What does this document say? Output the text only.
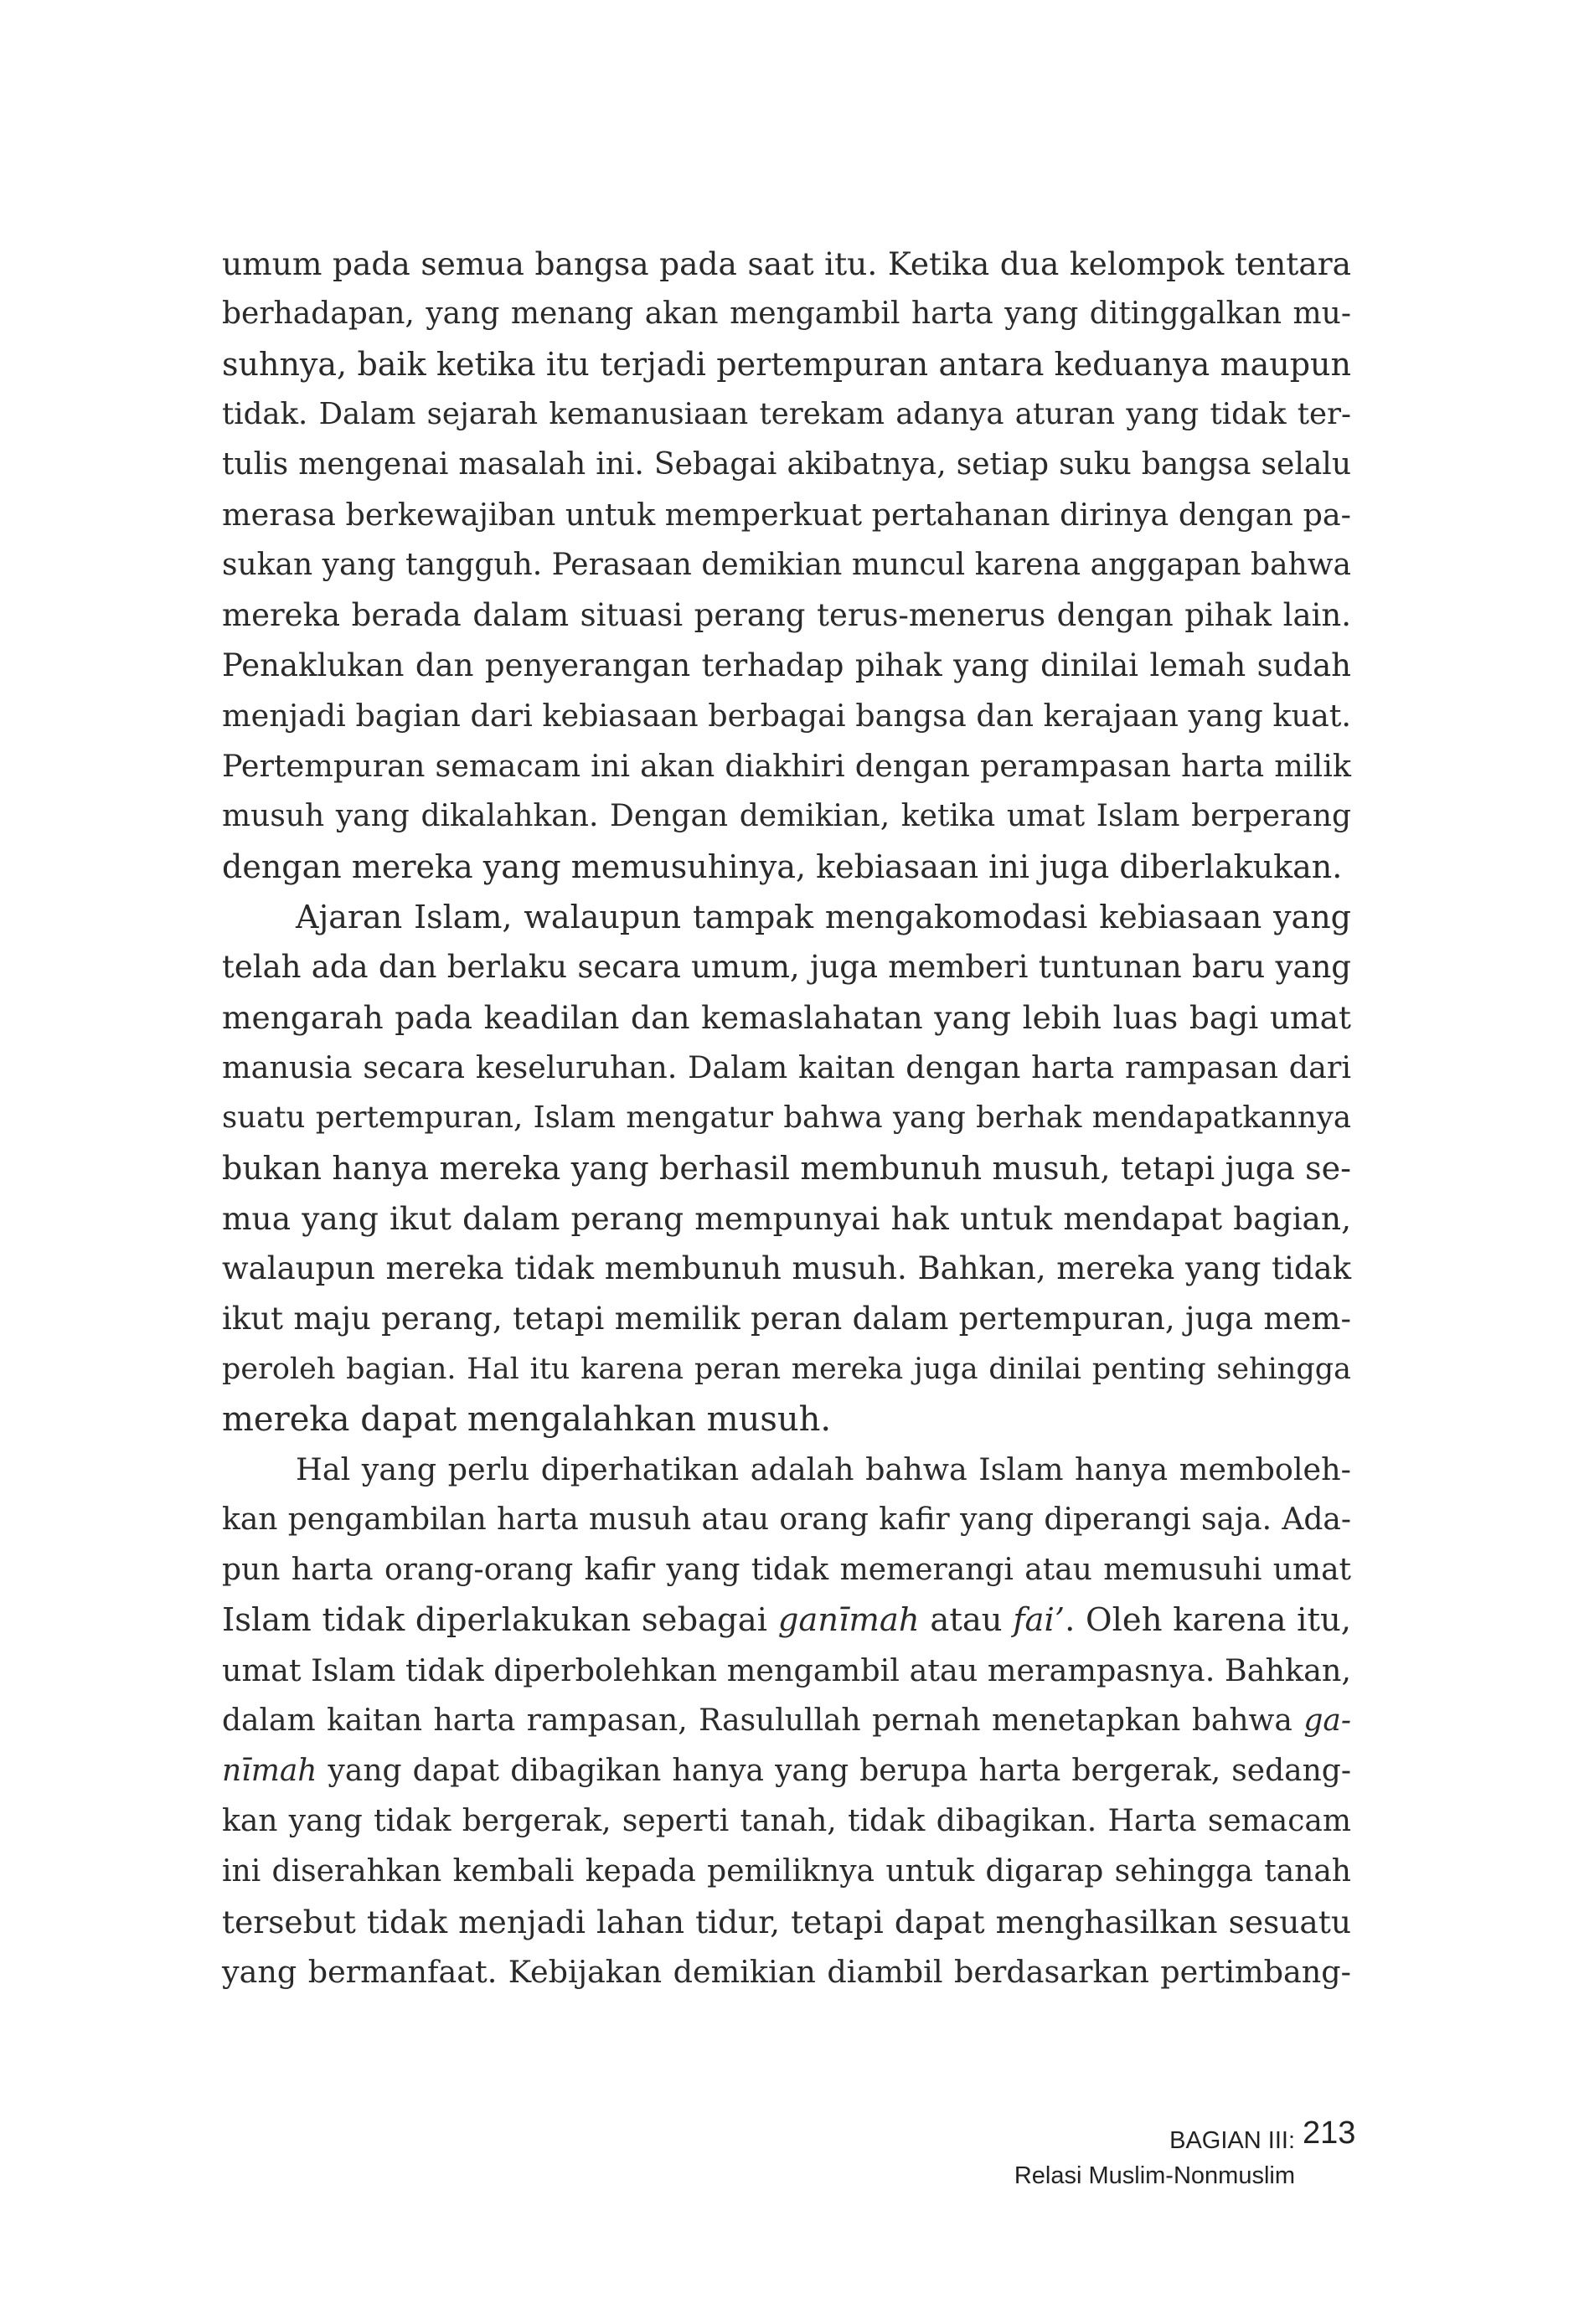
umum pada semua bangsa pada saat itu. Ketika dua kelompok tentara
berhadapan, yang menang akan mengambil harta yang ditinggalkan mu-
suhnya, baik ketika itu terjadi pertempuran antara keduanya maupun
tidak. Dalam sejarah kemanusiaan terekam adanya aturan yang tidak ter-
tulis mengenai masalah ini. Sebagai akibatnya, setiap suku bangsa selalu
merasa berkewajiban untuk memperkuat pertahanan dirinya dengan pa-
sukan yang tangguh. Perasaan demikian muncul karena anggapan bahwa
mereka berada dalam situasi perang terus-menerus dengan pihak lain.
Penaklukan dan penyerangan terhadap pihak yang dinilai lemah sudah
menjadi bagian dari kebiasaan berbagai bangsa dan kerajaan yang kuat.
Pertempuran semacam ini akan diakhiri dengan perampasan harta milik
musuh yang dikalahkan. Dengan demikian, ketika umat Islam berperang
dengan mereka yang memusuhinya, kebiasaan ini juga diberlakukan.
Ajaran Islam, walaupun tampak mengakomodasi kebiasaan yang
telah ada dan berlaku secara umum, juga memberi tuntunan baru yang
mengarah pada keadilan dan kemaslahatan yang lebih luas bagi umat
manusia secara keseluruhan. Dalam kaitan dengan harta rampasan dari
suatu pertempuran, Islam mengatur bahwa yang berhak mendapatkannya
bukan hanya mereka yang berhasil membunuh musuh, tetapi juga se-
mua yang ikut dalam perang mempunyai hak untuk mendapat bagian,
walaupun mereka tidak membunuh musuh. Bahkan, mereka yang tidak
ikut maju perang, tetapi memilik peran dalam pertempuran, juga mem-
peroleh bagian. Hal itu karena peran mereka juga dinilai penting sehingga
mereka dapat mengalahkan musuh.
Hal yang perlu diperhatikan adalah bahwa Islam hanya memboleh-
kan pengambilan harta musuh atau orang kafir yang diperangi saja. Ada-
pun harta orang-orang kafir yang tidak memerangi atau memusuhi umat
Islam tidak diperlakukan sebagai ganīmah atau fai’. Oleh karena itu,
umat Islam tidak diperbolehkan mengambil atau merampasnya. Bahkan,
dalam kaitan harta rampasan, Rasulullah pernah menetapkan bahwa ga-
nīmah yang dapat dibagikan hanya yang berupa harta bergerak, sedang-
kan yang tidak bergerak, seperti tanah, tidak dibagikan. Harta semacam
ini diserahkan kembali kepada pemiliknya untuk digarap sehingga tanah
tersebut tidak menjadi lahan tidur, tetapi dapat menghasilkan sesuatu
yang bermanfaat. Kebijakan demikian diambil berdasarkan pertimbang-
BAGIAN III:
Relasi Muslim-Nonmuslim
213
